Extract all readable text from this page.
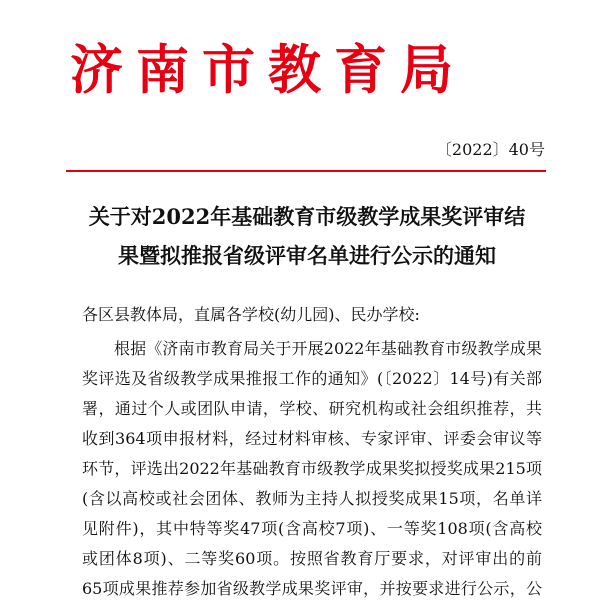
济南市教育局
〔2022〕40号
关于对2022年基础教育市级教学成果奖评审结
果暨拟推报省级评审名单进行公示的通知
各区县教体局，直属各学校(幼儿园)、民办学校:
根据《济南市教育局关于开展2022年基础教育市级教学成果
奖评选及省级教学成果推报工作的通知》(〔2022〕14号)有关部
署，通过个人或团队申请，学校、研究机构或社会组织推荐，共
收到364项申报材料，经过材料审核、专家评审、评委会审议等
环节，评选出2022年基础教育市级教学成果奖拟授奖成果215项
(含以高校或社会团体、教师为主持人拟授奖成果15项，名单详
见附件)，其中特等奖47项(含高校7项)、一等奖108项(含高校
或团体8项)、二等奖60项。按照省教育厅要求，对评审出的前
65项成果推荐参加省级教学成果奖评审，并按要求进行公示，公
